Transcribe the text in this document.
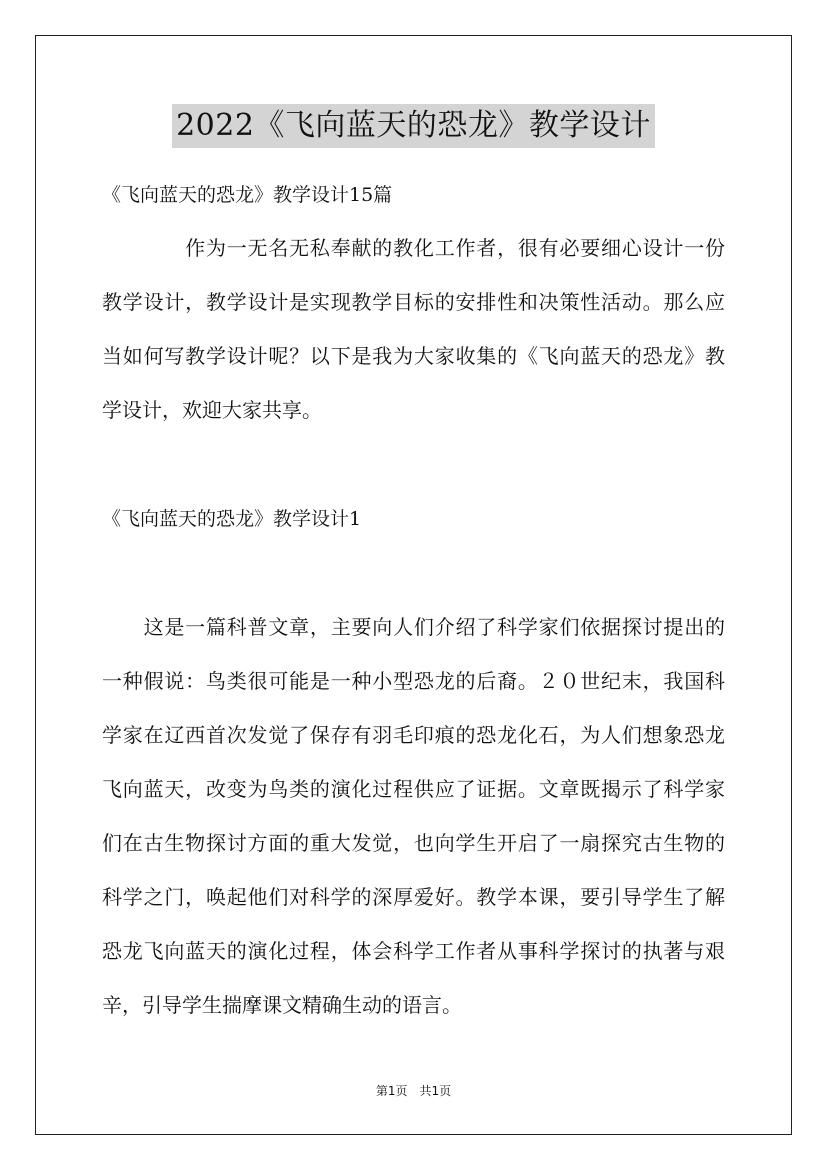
2022《飞向蓝天的恐龙》教学设计
《飞向蓝天的恐龙》教学设计15篇
　　　　作为一无名无私奉献的教化工作者，很有必要细心设计一份
教学设计，教学设计是实现教学目标的安排性和决策性活动。那么应
当如何写教学设计呢？以下是我为大家收集的《飞向蓝天的恐龙》教
学设计，欢迎大家共享。
《飞向蓝天的恐龙》教学设计1
　　这是一篇科普文章，主要向人们介绍了科学家们依据探讨提出的
一种假说：鸟类很可能是一种小型恐龙的后裔。２０世纪末，我国科
学家在辽西首次发觉了保存有羽毛印痕的恐龙化石，为人们想象恐龙
飞向蓝天，改变为鸟类的演化过程供应了证据。文章既揭示了科学家
们在古生物探讨方面的重大发觉，也向学生开启了一扇探究古生物的
科学之门，唤起他们对科学的深厚爱好。教学本课，要引导学生了解
恐龙飞向蓝天的演化过程，体会科学工作者从事科学探讨的执著与艰
辛，引导学生揣摩课文精确生动的语言。
第1页　共1页
